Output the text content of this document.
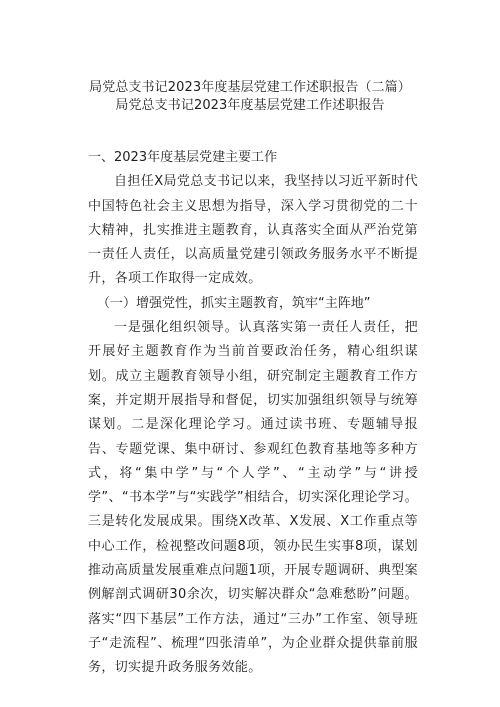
局党总支书记2023年度基层党建工作述职报告（二篇）
局党总支书记2023年度基层党建工作述职报告
一、2023年度基层党建主要工作

自担任X局党总支书记以来，我坚持以习近平新时代中国特色社会主义思想为指导，深入学习贯彻党的二十大精神，扎实推进主题教育，认真落实全面从严治党第一责任人责任，以高质量党建引领政务服务水平不断提升，各项工作取得一定成效。

（一）增强党性，抓实主题教育，筑牢“主阵地”

一是强化组织领导。认真落实第一责任人责任，把开展好主题教育作为当前首要政治任务，精心组织谋划。成立主题教育领导小组，研究制定主题教育工作方案，并定期开展指导和督促，切实加强组织领导与统筹谋划。二是深化理论学习。通过读书班、专题辅导报告、专题党课、集中研讨、参观红色教育基地等多种方式，将“集中学”与“个人学”、“主动学”与“讲授学”、“书本学”与“实践学”相结合，切实深化理论学习。三是转化发展成果。围绕X改革、X发展、X工作重点等中心工作，检视整改问题8项，领办民生实事8项，谋划推动高质量发展重难点问题1项，开展专题调研、典型案例解剖式调研30余次，切实解决群众“急难愁盼”问题。落实“四下基层”工作方法，通过“三办”工作室、领导班子“走流程”、梳理“四张清单”，为企业群众提供靠前服务，切实提升政务服务效能。
